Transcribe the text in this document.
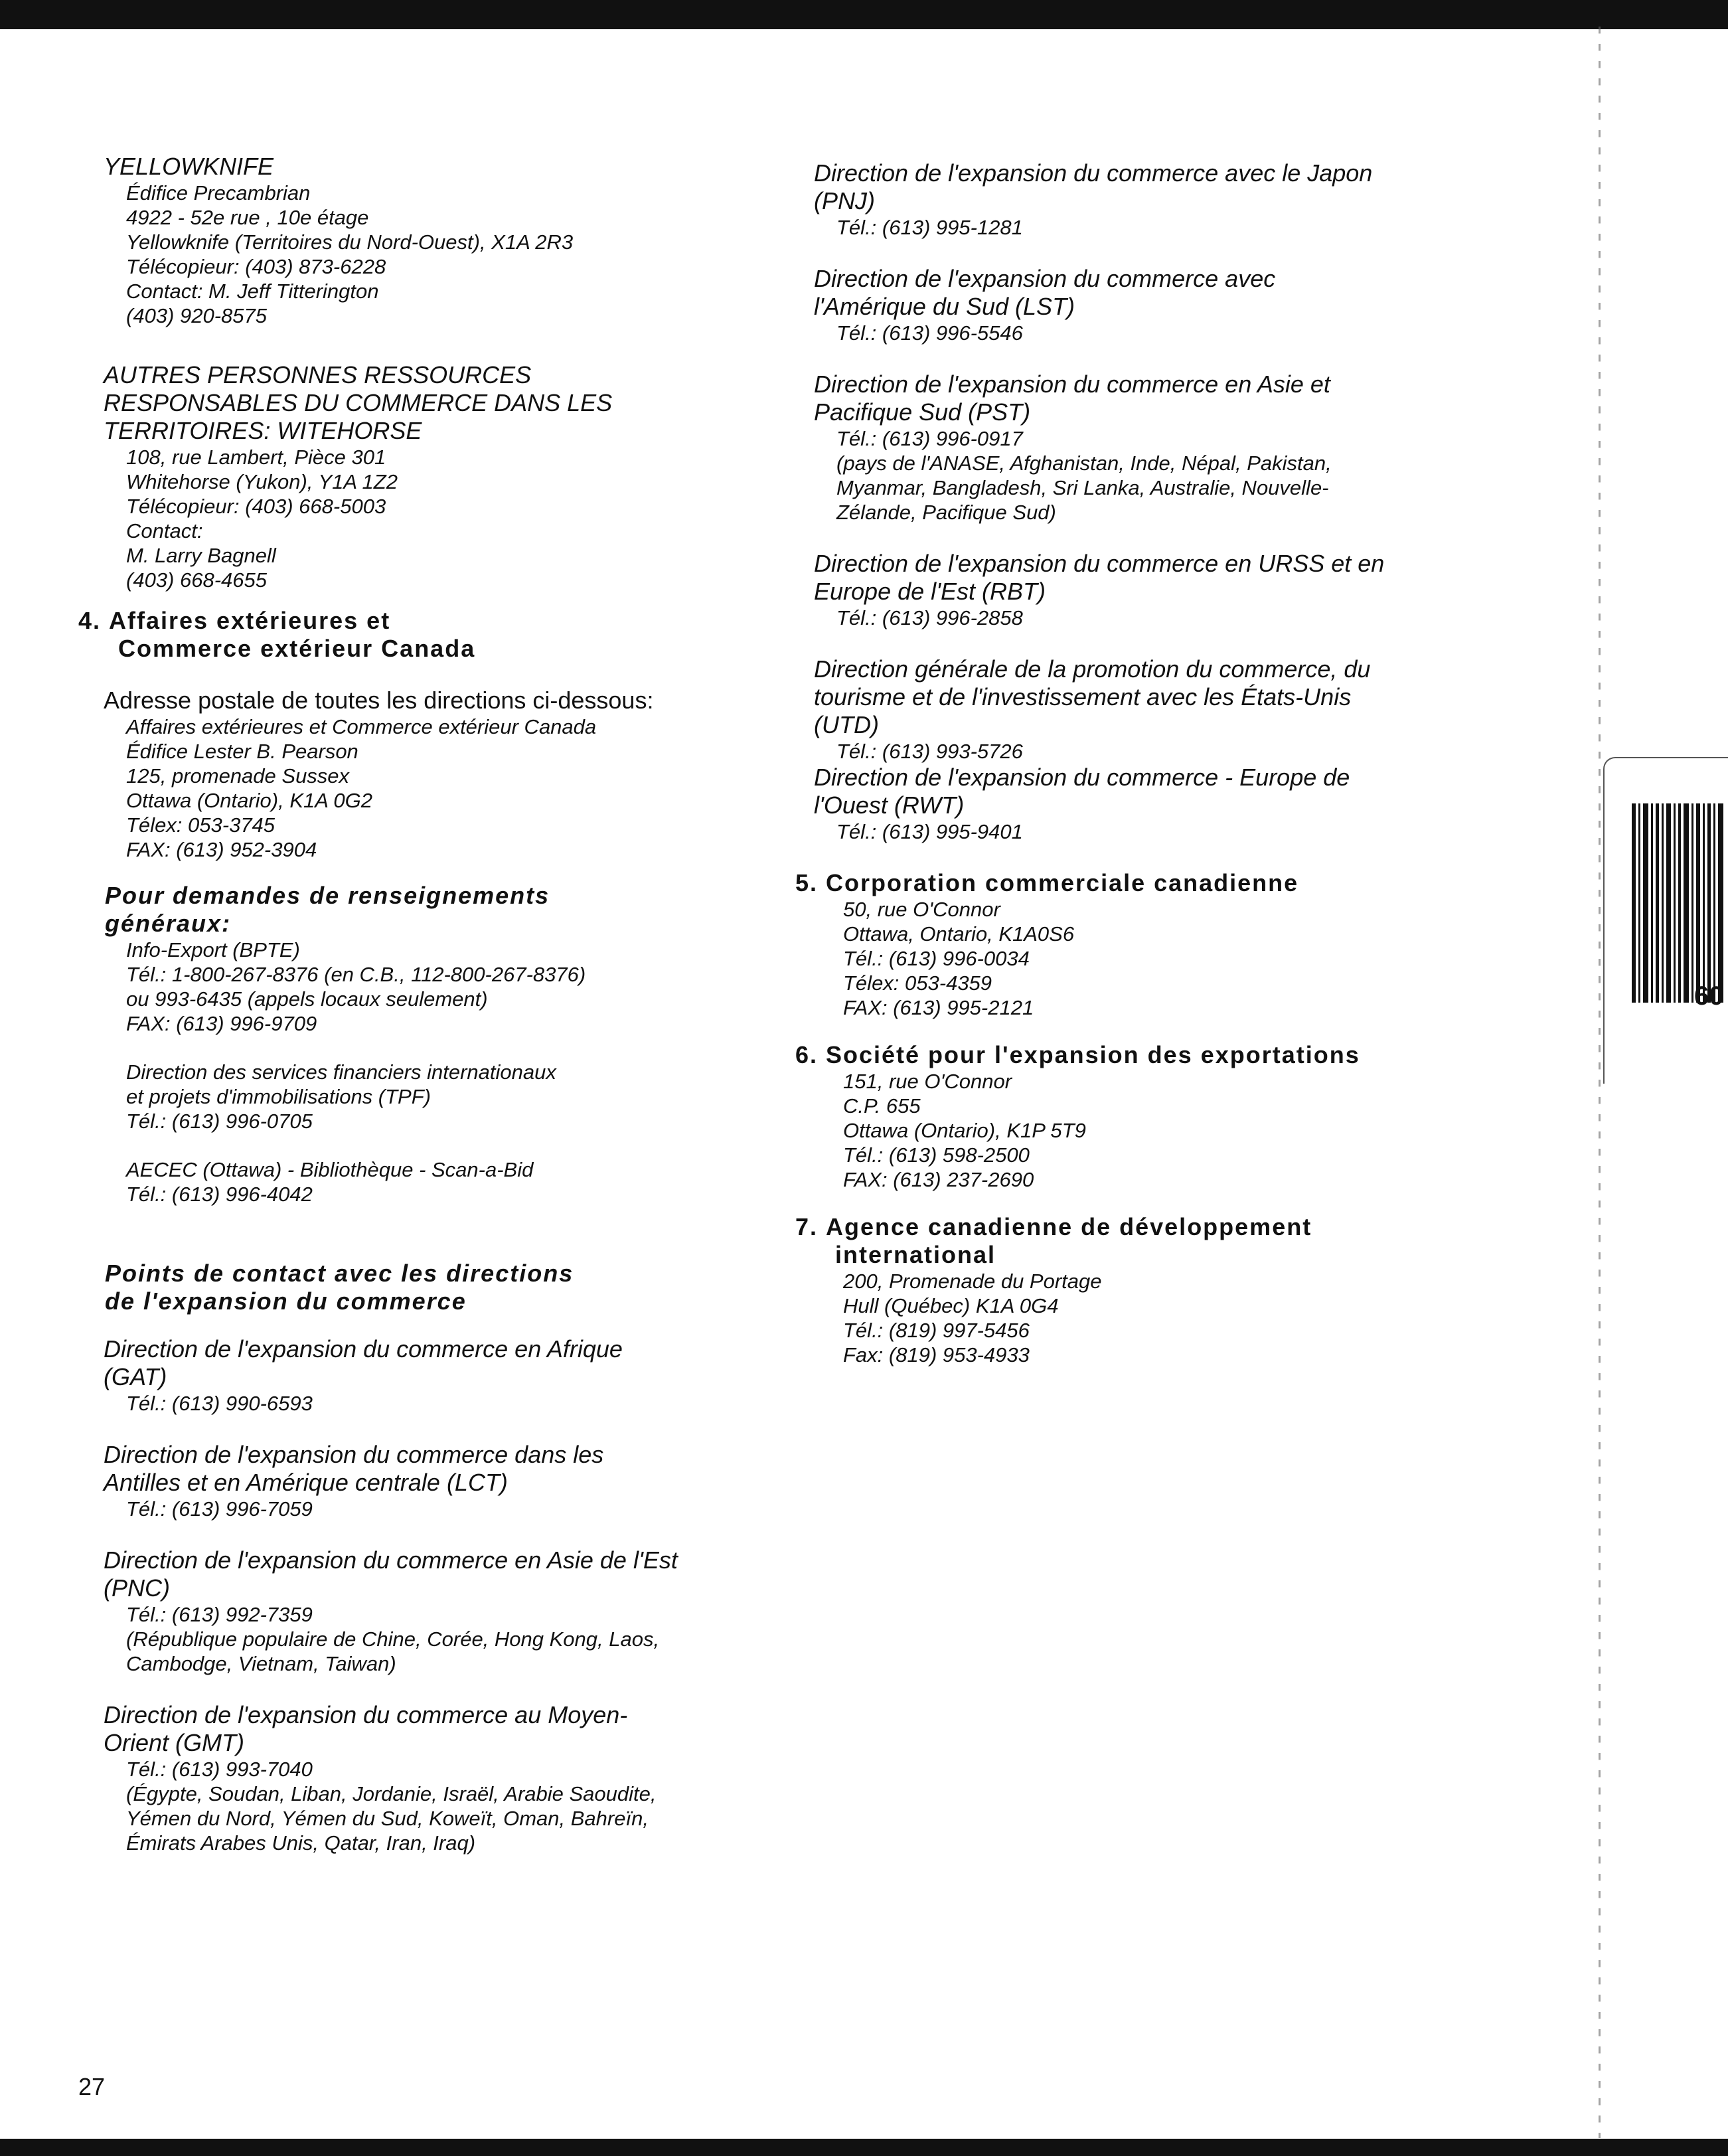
YELLOWKNIFE
Édifice Precambrian
4922 - 52e rue , 10e étage
Yellowknife (Territoires du Nord-Ouest), X1A 2R3
Télécopieur: (403) 873-6228
Contact: M. Jeff Titterington
(403) 920-8575
AUTRES PERSONNES RESSOURCES
RESPONSABLES DU COMMERCE DANS LES
TERRITOIRES: WITEHORSE
108, rue Lambert, Pièce 301
Whitehorse (Yukon), Y1A 1Z2
Télécopieur: (403) 668-5003
Contact:
M. Larry Bagnell
(403) 668-4655
4. Affaires extérieures et
Commerce extérieur Canada
Adresse postale de toutes les directions ci-dessous:
Affaires extérieures et Commerce extérieur Canada
Édifice Lester B. Pearson
125, promenade Sussex
Ottawa (Ontario), K1A 0G2
Télex: 053-3745
FAX: (613) 952-3904
Pour demandes de renseignements
généraux:
Info-Export (BPTE)
Tél.: 1-800-267-8376 (en C.B., 112-800-267-8376)
ou 993-6435 (appels locaux seulement)
FAX: (613) 996-9709
Direction des services financiers internationaux
et projets d'immobilisations (TPF)
Tél.: (613) 996-0705
AECEC (Ottawa) - Bibliothèque - Scan-a-Bid
Tél.: (613) 996-4042
Points de contact avec les directions
de l'expansion du commerce
Direction de l'expansion du commerce en Afrique
(GAT)
Tél.: (613) 990-6593
Direction de l'expansion du commerce dans les
Antilles et en Amérique centrale (LCT)
Tél.: (613) 996-7059
Direction de l'expansion du commerce en Asie de l'Est
(PNC)
Tél.: (613) 992-7359
(République populaire de Chine, Corée, Hong Kong, Laos,
Cambodge, Vietnam, Taiwan)
Direction de l'expansion du commerce au Moyen-
Orient (GMT)
Tél.: (613) 993-7040
(Égypte, Soudan, Liban, Jordanie, Israël, Arabie Saoudite,
Yémen du Nord, Yémen du Sud, Koweït, Oman, Bahreïn,
Émirats Arabes Unis, Qatar, Iran, Iraq)
Direction de l'expansion du commerce avec le Japon
(PNJ)
Tél.: (613) 995-1281
Direction de l'expansion du commerce avec
l'Amérique du Sud (LST)
Tél.: (613) 996-5546
Direction de l'expansion du commerce en Asie et
Pacifique Sud (PST)
Tél.: (613) 996-0917
(pays de l'ANASE, Afghanistan, Inde, Népal, Pakistan,
Myanmar, Bangladesh, Sri Lanka, Australie, Nouvelle-
Zélande, Pacifique Sud)
Direction de l'expansion du commerce en URSS et en
Europe de l'Est (RBT)
Tél.: (613) 996-2858
Direction générale de la promotion du commerce, du
tourisme et de l'investissement avec les États-Unis
(UTD)
Tél.: (613) 993-5726
Direction de l'expansion du commerce - Europe de
l'Ouest (RWT)
Tél.: (613) 995-9401
5. Corporation commerciale canadienne
50, rue O'Connor
Ottawa, Ontario, K1A0S6
Tél.: (613) 996-0034
Télex: 053-4359
FAX: (613) 995-2121
6. Société pour l'expansion des exportations
151, rue O'Connor
C.P. 655
Ottawa (Ontario), K1P 5T9
Tél.: (613) 598-2500
FAX: (613) 237-2690
7. Agence canadienne de développement
international
200, Promenade du Portage
Hull (Québec) K1A 0G4
Tél.: (819) 997-5456
Fax: (819) 953-4933
60
27
